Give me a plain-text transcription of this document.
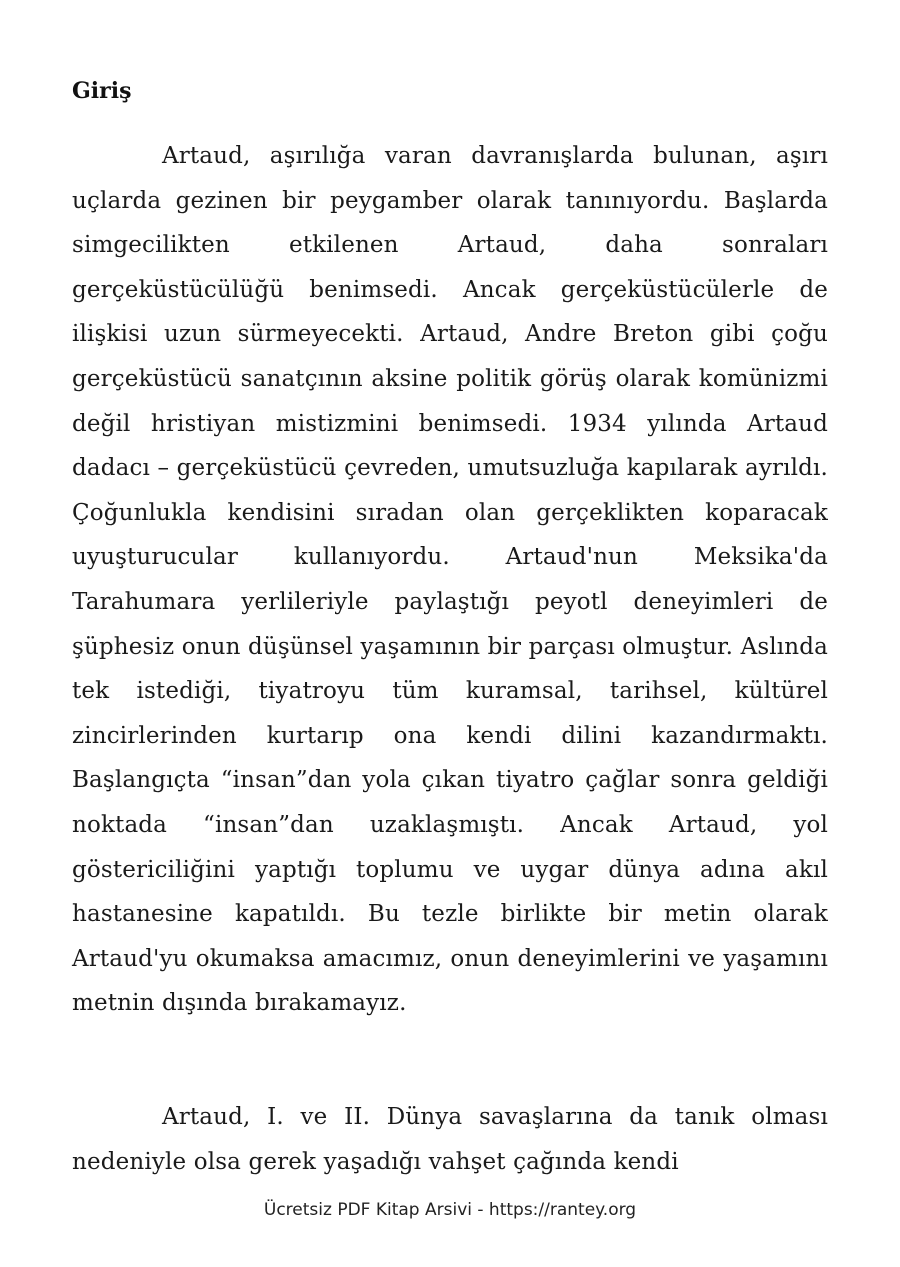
Giriş

Artaud, aşırılığa varan davranışlarda bulunan, aşırı uçlarda gezinen bir peygamber olarak tanınıyordu. Başlarda simgecilikten etkilenen Artaud, daha sonraları gerçeküstücülüğü benimsedi. Ancak gerçeküstücülerle de ilişkisi uzun sürmeyecekti. Artaud, Andre Breton gibi çoğu gerçeküstücü sanatçının aksine politik görüş olarak komünizmi değil hristiyan mistizmini benimsedi. 1934 yılında Artaud dadacı – gerçeküstücü çevreden, umutsuzluğa kapılarak ayrıldı. Çoğunlukla kendisini sıradan olan gerçeklikten koparacak uyuşturucular kullanıyordu. Artaud'nun Meksika'da Tarahumara yerlileriyle paylaştığı peyotl deneyimleri de şüphesiz onun düşünsel yaşamının bir parçası olmuştur. Aslında tek istediği, tiyatroyu tüm kuramsal, tarihsel, kültürel zincirlerinden kurtarıp ona kendi dilini kazandırmaktı. Başlangıçta “insan”dan yola çıkan tiyatro çağlar sonra geldiği noktada “insan”dan uzaklaşmıştı. Ancak Artaud, yol göstericiliğini yaptığı toplumu ve uygar dünya adına akıl hastanesine kapatıldı. Bu tezle birlikte bir metin olarak Artaud'yu okumaksa amacımız, onun deneyimlerini ve yaşamını metnin dışında bırakamayız.

Artaud, I. ve II. Dünya savaşlarına da tanık olması nedeniyle olsa gerek yaşadığı vahşet çağında kendi

Ücretsiz PDF Kitap Arsivi - https://rantey.org
